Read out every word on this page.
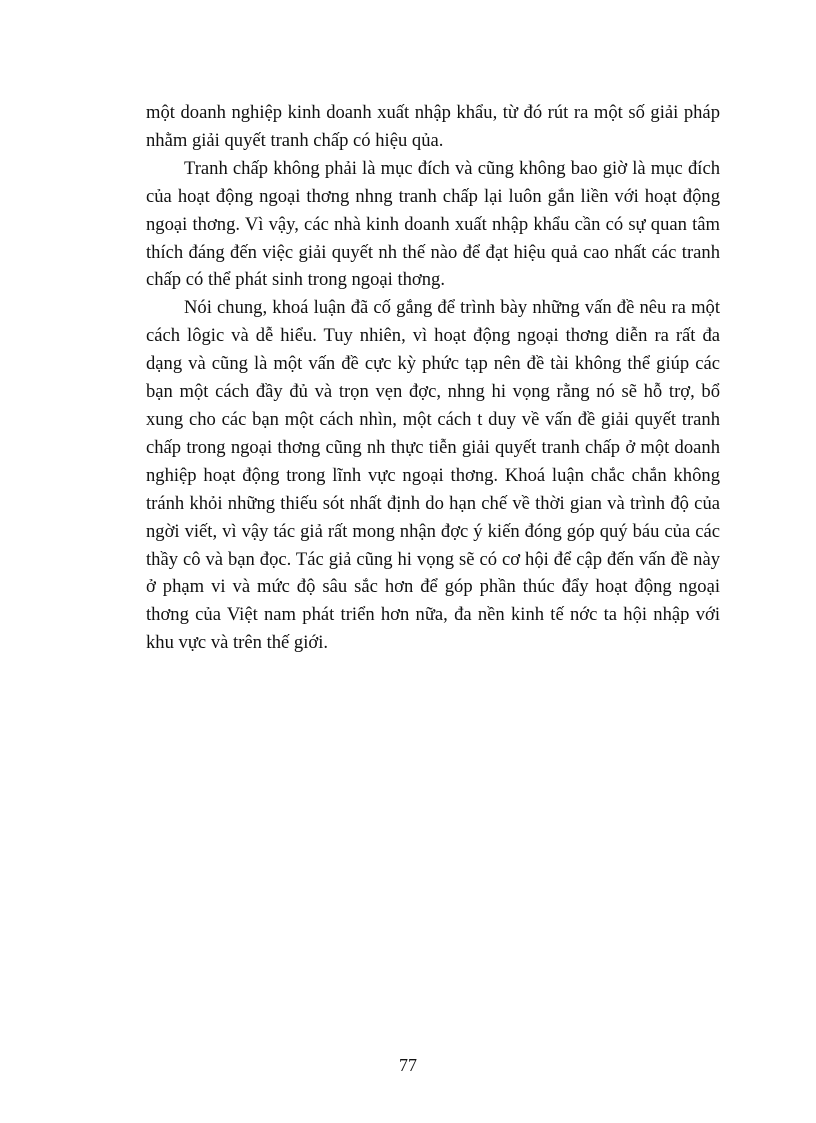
một doanh nghiệp kinh doanh xuất nhập khẩu, từ đó rút ra một số giải pháp nhằm giải quyết tranh chấp có hiệu qủa.

Tranh chấp không phải là mục đích và cũng không bao giờ là mục đích của hoạt động ngoại thơng nhng tranh chấp lại luôn gắn liền với hoạt động ngoại thơng. Vì vậy, các nhà kinh doanh xuất nhập khẩu cần có sự quan tâm thích đáng đến việc giải quyết nh thế nào để đạt hiệu quả cao nhất các tranh chấp có thể phát sinh trong ngoại thơng.

Nói chung, khoá luận đã cố gắng để trình bày những vấn đề nêu ra một cách lôgic và dễ hiểu. Tuy nhiên, vì hoạt động ngoại thơng diễn ra rất đa dạng và cũng là một vấn đề cực kỳ phức tạp nên đề tài không thể giúp các bạn một cách đầy đủ và trọn vẹn đợc, nhng hi vọng rằng nó sẽ hỗ trợ, bổ xung cho các bạn một cách nhìn, một cách t duy về vấn đề giải quyết tranh chấp trong ngoại thơng cũng nh thực tiễn giải quyết tranh chấp ở một doanh nghiệp hoạt động trong lĩnh vực ngoại thơng. Khoá luận chắc chắn không tránh khỏi những thiếu sót nhất định do hạn chế về thời gian và trình độ của ngời viết, vì vậy tác giả rất mong nhận đợc ý kiến đóng góp quý báu của các thầy cô và bạn đọc. Tác giả cũng hi vọng sẽ có cơ hội để cập đến vấn đề này ở phạm vi và mức độ sâu sắc hơn để góp phần thúc đẩy hoạt động ngoại thơng của Việt nam phát triển hơn nữa, đa nền kinh tế nớc ta hội nhập với khu vực và trên thế giới.

77
